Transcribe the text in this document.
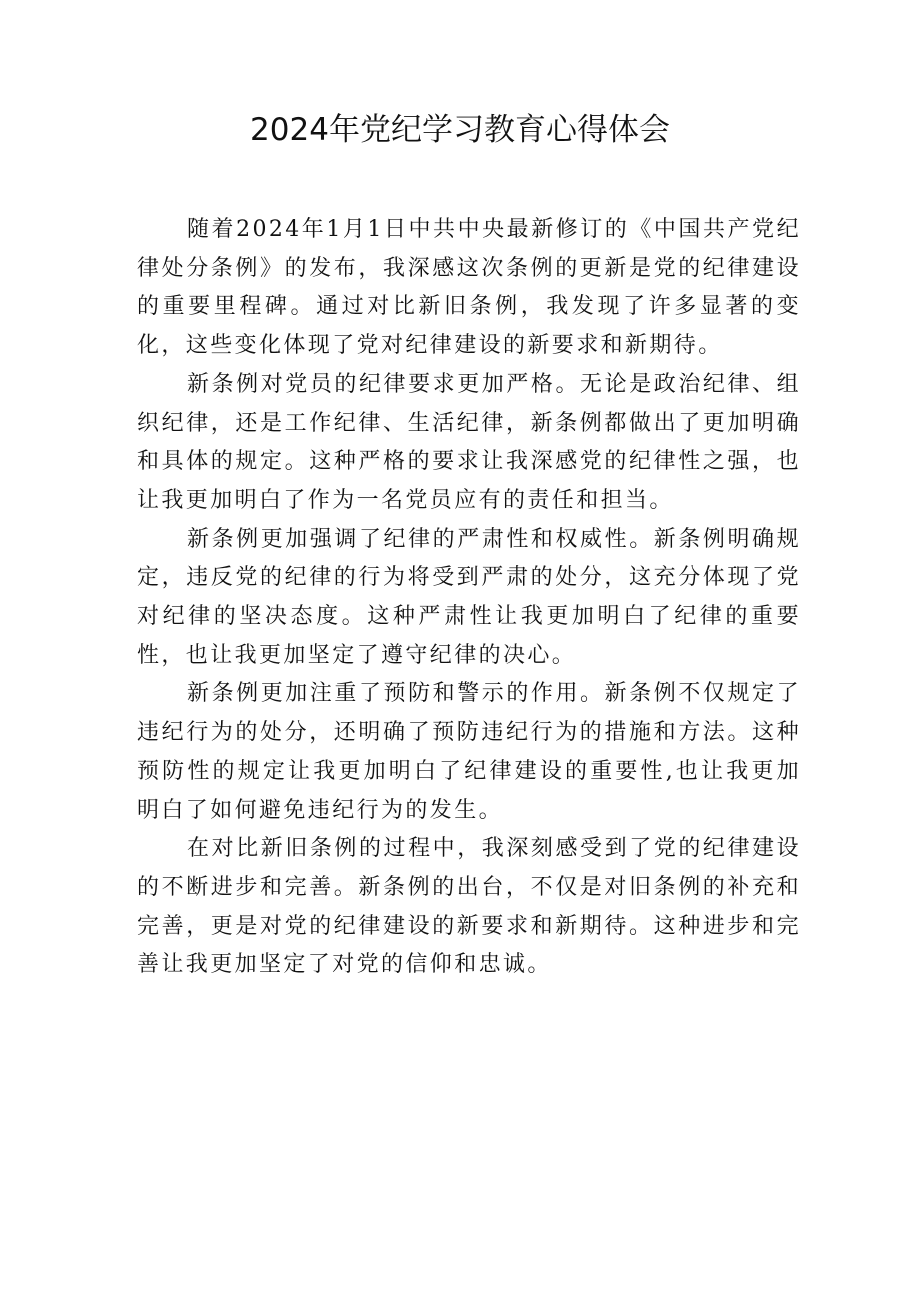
2024年党纪学习教育心得体会

随着2024年1月1日中共中央最新修订的《中国共产党纪律处分条例》的发布，我深感这次条例的更新是党的纪律建设的重要里程碑。通过对比新旧条例，我发现了许多显著的变化，这些变化体现了党对纪律建设的新要求和新期待。

新条例对党员的纪律要求更加严格。无论是政治纪律、组织纪律，还是工作纪律、生活纪律，新条例都做出了更加明确和具体的规定。这种严格的要求让我深感党的纪律性之强，也让我更加明白了作为一名党员应有的责任和担当。

新条例更加强调了纪律的严肃性和权威性。新条例明确规定，违反党的纪律的行为将受到严肃的处分，这充分体现了党对纪律的坚决态度。这种严肃性让我更加明白了纪律的重要性，也让我更加坚定了遵守纪律的决心。

新条例更加注重了预防和警示的作用。新条例不仅规定了违纪行为的处分，还明确了预防违纪行为的措施和方法。这种预防性的规定让我更加明白了纪律建设的重要性,也让我更加明白了如何避免违纪行为的发生。

在对比新旧条例的过程中，我深刻感受到了党的纪律建设的不断进步和完善。新条例的出台，不仅是对旧条例的补充和完善，更是对党的纪律建设的新要求和新期待。这种进步和完善让我更加坚定了对党的信仰和忠诚。
